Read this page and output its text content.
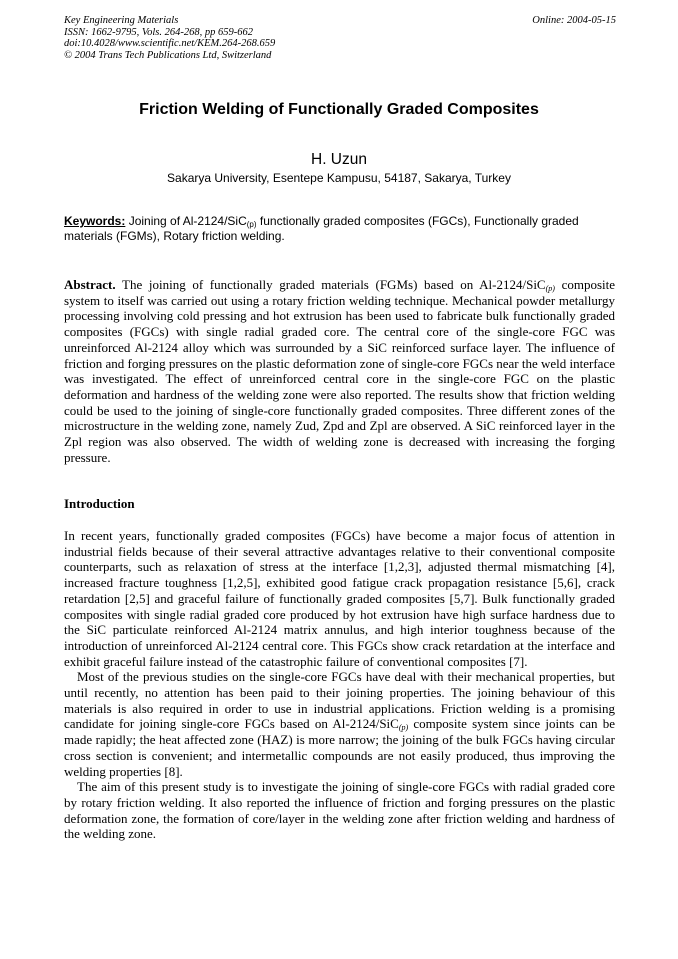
Key Engineering Materials
ISSN: 1662-9795, Vols. 264-268, pp 659-662
doi:10.4028/www.scientific.net/KEM.264-268.659
© 2004 Trans Tech Publications Ltd, Switzerland
Online: 2004-05-15
Friction Welding of Functionally Graded Composites
H. Uzun
Sakarya University, Esentepe Kampusu, 54187, Sakarya, Turkey
Keywords: Joining of Al-2124/SiC$_{(p)}$ functionally graded composites (FGCs), Functionally graded materials (FGMs), Rotary friction welding.

Abstract. The joining of functionally graded materials (FGMs) based on Al-2124/SiC$_{(p)}$ composite system to itself was carried out using a rotary friction welding technique. Mechanical powder metallurgy processing involving cold pressing and hot extrusion has been used to fabricate bulk functionally graded composites (FGCs) with single radial graded core. The central core of the single-core FGC was unreinforced Al-2124 alloy which was surrounded by a SiC reinforced surface layer. The influence of friction and forging pressures on the plastic deformation zone of single-core FGCs near the weld interface was investigated. The effect of unreinforced central core in the single-core FGC on the plastic deformation and hardness of the welding zone were also reported. The results show that friction welding could be used to the joining of single-core functionally graded composites. Three different zones of the microstructure in the welding zone, namely Zud, Zpd and Zpl are observed. A SiC reinforced layer in the Zpl region was also observed. The width of welding zone is decreased with increasing the forging pressure.

Introduction

In recent years, functionally graded composites (FGCs) have become a major focus of attention in industrial fields because of their several attractive advantages relative to their conventional composite counterparts, such as relaxation of stress at the interface [1,2,3], adjusted thermal mismatching [4], increased fracture toughness [1,2,5], exhibited good fatigue crack propagation resistance [5,6], crack retardation [2,5] and graceful failure of functionally graded composites [5,7]. Bulk functionally graded composites with single radial graded core produced by hot extrusion have high surface hardness due to the SiC particulate reinforced Al-2124 matrix annulus, and high interior toughness because of the introduction of unreinforced Al-2124 central core. This FGCs show crack retardation at the interface and exhibit graceful failure instead of the catastrophic failure of conventional composites [7].

Most of the previous studies on the single-core FGCs have deal with their mechanical properties, but until recently, no attention has been paid to their joining properties. The joining behaviour of this materials is also required in order to use in industrial applications. Friction welding is a promising candidate for joining single-core FGCs based on Al-2124/SiC$_{(p)}$ composite system since joints can be made rapidly; the heat affected zone (HAZ) is more narrow; the joining of the bulk FGCs having circular cross section is convenient; and intermetallic compounds are not easily produced, thus improving the welding properties [8].

The aim of this present study is to investigate the joining of single-core FGCs with radial graded core by rotary friction welding. It also reported the influence of friction and forging pressures on the plastic deformation zone, the formation of core/layer in the welding zone after friction welding and hardness of the welding zone.
